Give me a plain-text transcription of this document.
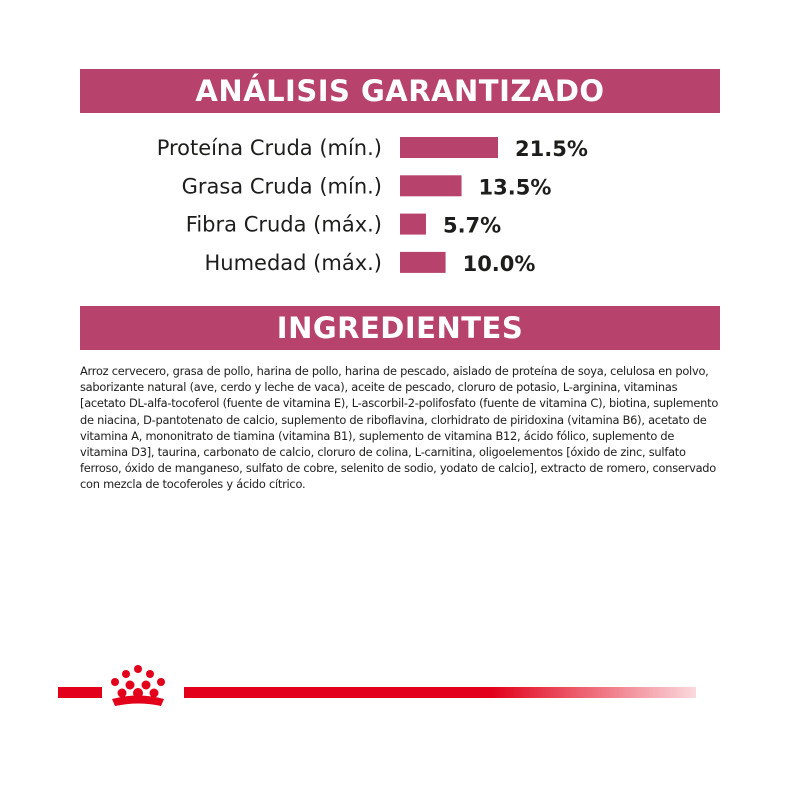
ANÁLISIS GARANTIZADO
Proteína Cruda (mín.)	21.5%
Grasa Cruda (mín.)	13.5%
Fibra Cruda (máx.)	5.7%
Humedad (máx.)	10.0%
INGREDIENTES
Arroz cervecero, grasa de pollo, harina de pollo, harina de pescado, aislado de proteína de soya, celulosa en polvo, saborizante natural (ave, cerdo y leche de vaca), aceite de pescado, cloruro de potasio, L-arginina, vitaminas [acetato DL-alfa-tocoferol (fuente de vitamina E), L-ascorbil-2-polifosfato (fuente de vitamina C), biotina, suplemento de niacina, D-pantotenato de calcio, suplemento de riboflavina, clorhidrato de piridoxina (vitamina B6), acetato de vitamina A, mononitrato de tiamina (vitamina B1), suplemento de vitamina B12, ácido fólico, suplemento de vitamina D3], taurina, carbonato de calcio, cloruro de colina, L-carnitina, oligoelementos [óxido de zinc, sulfato ferroso, óxido de manganeso, sulfato de cobre, selenito de sodio, yodato de calcio], extracto de romero, conservado con mezcla de tocoferoles y ácido cítrico.
